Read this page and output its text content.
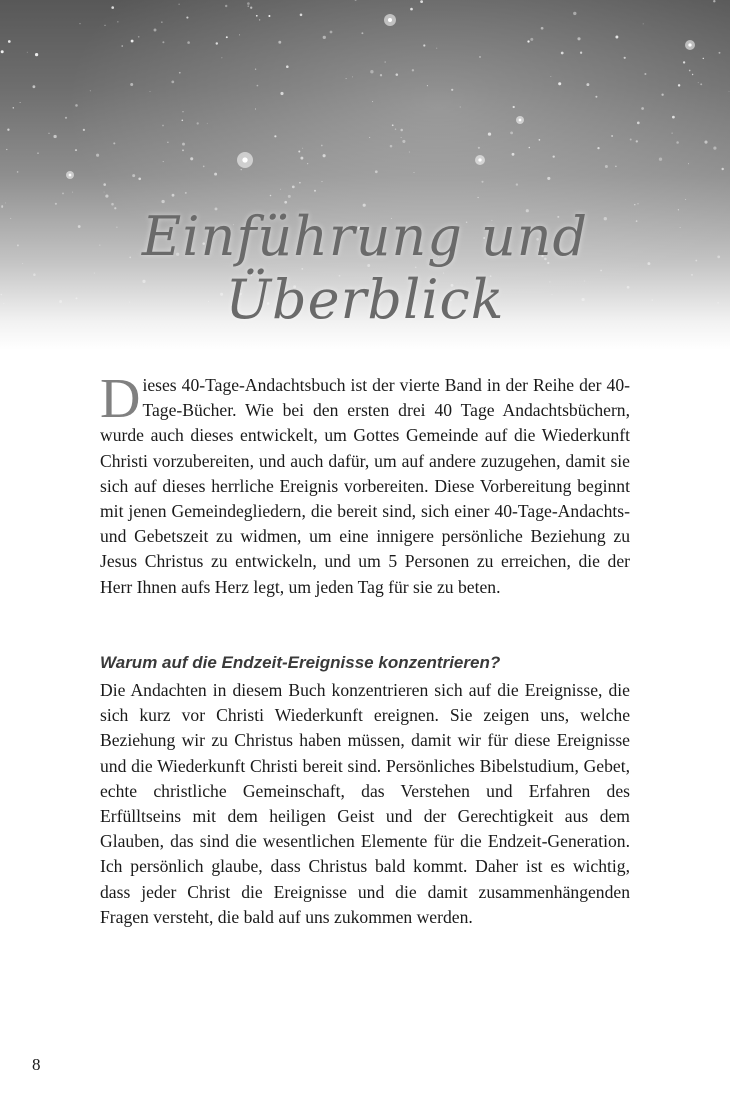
Einführung und Überblick

Dieses 40-Tage-Andachtsbuch ist der vierte Band in der Reihe der 40-Tage-Bücher. Wie bei den ersten drei 40 Tage Andachtsbüchern, wurde auch dieses entwickelt, um Gottes Gemeinde auf die Wiederkunft Christi vorzubereiten, und auch dafür, um auf andere zuzugehen, damit sie sich auf dieses herrliche Ereignis vorbereiten. Diese Vorbereitung beginnt mit jenen Gemeindegliedern, die bereit sind, sich einer 40-Tage-Andachts- und Gebetszeit zu widmen, um eine innigere persönliche Beziehung zu Jesus Christus zu entwickeln, und um 5 Personen zu erreichen, die der Herr Ihnen aufs Herz legt, um jeden Tag für sie zu beten.

Warum auf die Endzeit-Ereignisse konzentrieren?

Die Andachten in diesem Buch konzentrieren sich auf die Ereignisse, die sich kurz vor Christi Wiederkunft ereignen. Sie zeigen uns, welche Beziehung wir zu Christus haben müssen, damit wir für diese Ereignisse und die Wiederkunft Christi bereit sind. Persönliches Bibelstudium, Gebet, echte christliche Gemeinschaft, das Verstehen und Erfahren des Erfülltseins mit dem heiligen Geist und der Gerechtigkeit aus dem Glauben, das sind die wesentlichen Elemente für die Endzeit-Generation. Ich persönlich glaube, dass Christus bald kommt. Daher ist es wichtig, dass jeder Christ die Ereignisse und die damit zusammenhängenden Fragen versteht, die bald auf uns zukommen werden.

8
